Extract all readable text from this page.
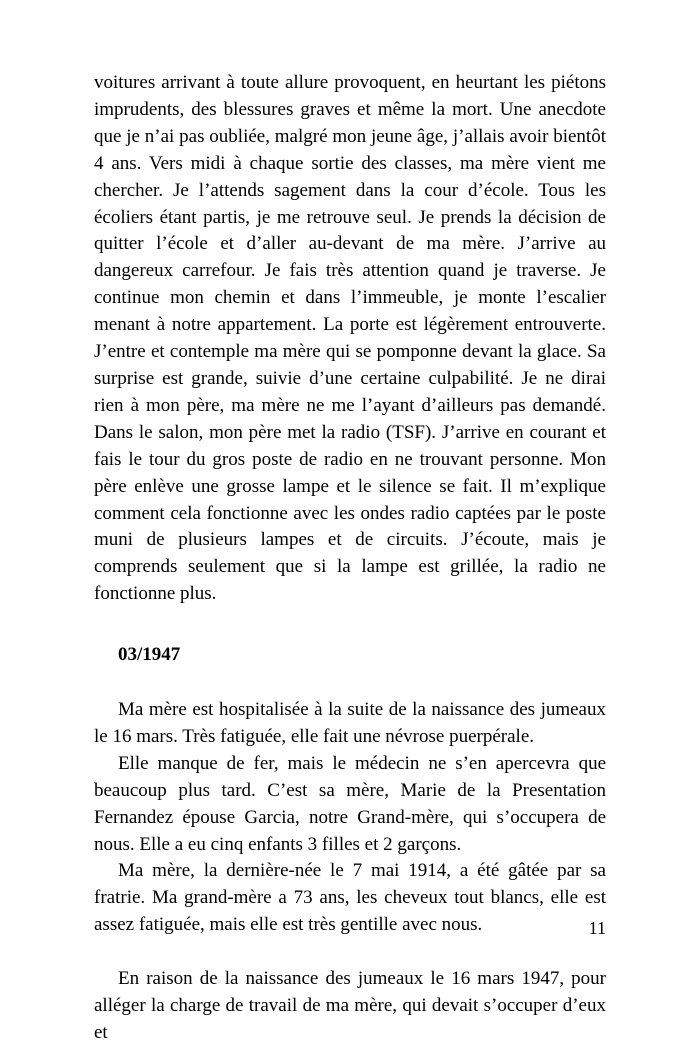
voitures arrivant à toute allure provoquent, en heurtant les piétons imprudents, des blessures graves et même la mort. Une anecdote que je n’ai pas oubliée, malgré mon jeune âge, j’allais avoir bientôt 4 ans. Vers midi à chaque sortie des classes, ma mère vient me chercher. Je l’attends sagement dans la cour d’école. Tous les écoliers étant partis, je me retrouve seul. Je prends la décision de quitter l’école et d’aller au-devant de ma mère. J’arrive au dangereux carrefour. Je fais très attention quand je traverse. Je continue mon chemin et dans l’immeuble, je monte l’escalier menant à notre appartement. La porte est légèrement entrouverte. J’entre et contemple ma mère qui se pomponne devant la glace. Sa surprise est grande, suivie d’une certaine culpabilité. Je ne dirai rien à mon père, ma mère ne me l’ayant d’ailleurs pas demandé. Dans le salon, mon père met la radio (TSF). J’arrive en courant et fais le tour du gros poste de radio en ne trouvant personne. Mon père enlève une grosse lampe et le silence se fait. Il m’explique comment cela fonctionne avec les ondes radio captées par le poste muni de plusieurs lampes et de circuits. J’écoute, mais je comprends seulement que si la lampe est grillée, la radio ne fonctionne plus.

03/1947

Ma mère est hospitalisée à la suite de la naissance des jumeaux le 16 mars. Très fatiguée, elle fait une névrose puerpérale.

Elle manque de fer, mais le médecin ne s’en apercevra que beaucoup plus tard. C’est sa mère, Marie de la Presentation Fernandez épouse Garcia, notre Grand-mère, qui s’occupera de nous. Elle a eu cinq enfants 3 filles et 2 garçons.

Ma mère, la dernière-née le 7 mai 1914, a été gâtée par sa fratrie. Ma grand-mère a 73 ans, les cheveux tout blancs, elle est assez fatiguée, mais elle est très gentille avec nous.

En raison de la naissance des jumeaux le 16 mars 1947, pour alléger la charge de travail de ma mère, qui devait s’occuper d’eux et

11
